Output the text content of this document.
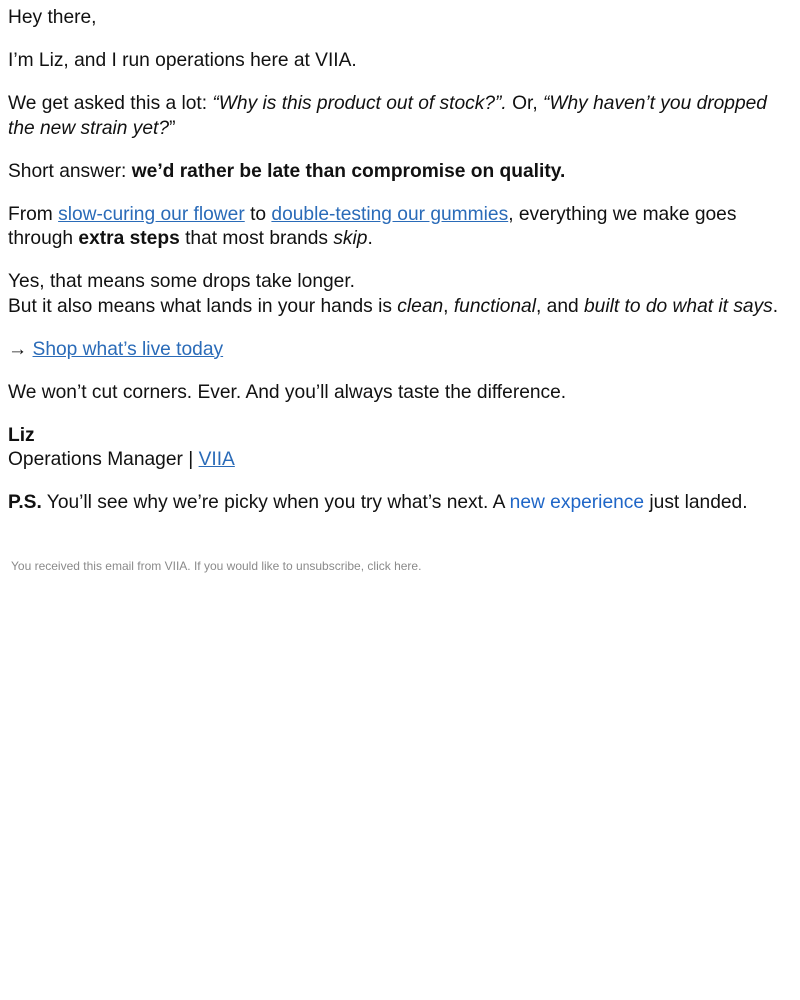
Hey there,

I’m Liz, and I run operations here at VIIA.

We get asked this a lot: “Why is this product out of stock?”. Or, “Why haven’t you dropped the new strain yet?”

Short answer: we’d rather be late than compromise on quality.

From slow-curing our flower to double-testing our gummies, everything we make goes through extra steps that most brands skip.

Yes, that means some drops take longer.
But it also means what lands in your hands is clean, functional, and built to do what it says.

→ Shop what’s live today

We won’t cut corners. Ever. And you’ll always taste the difference.

Liz
Operations Manager | VIIA

P.S. You’ll see why we’re picky when you try what’s next. A new experience just landed.

You received this email from VIIA. If you would like to unsubscribe, click here.
